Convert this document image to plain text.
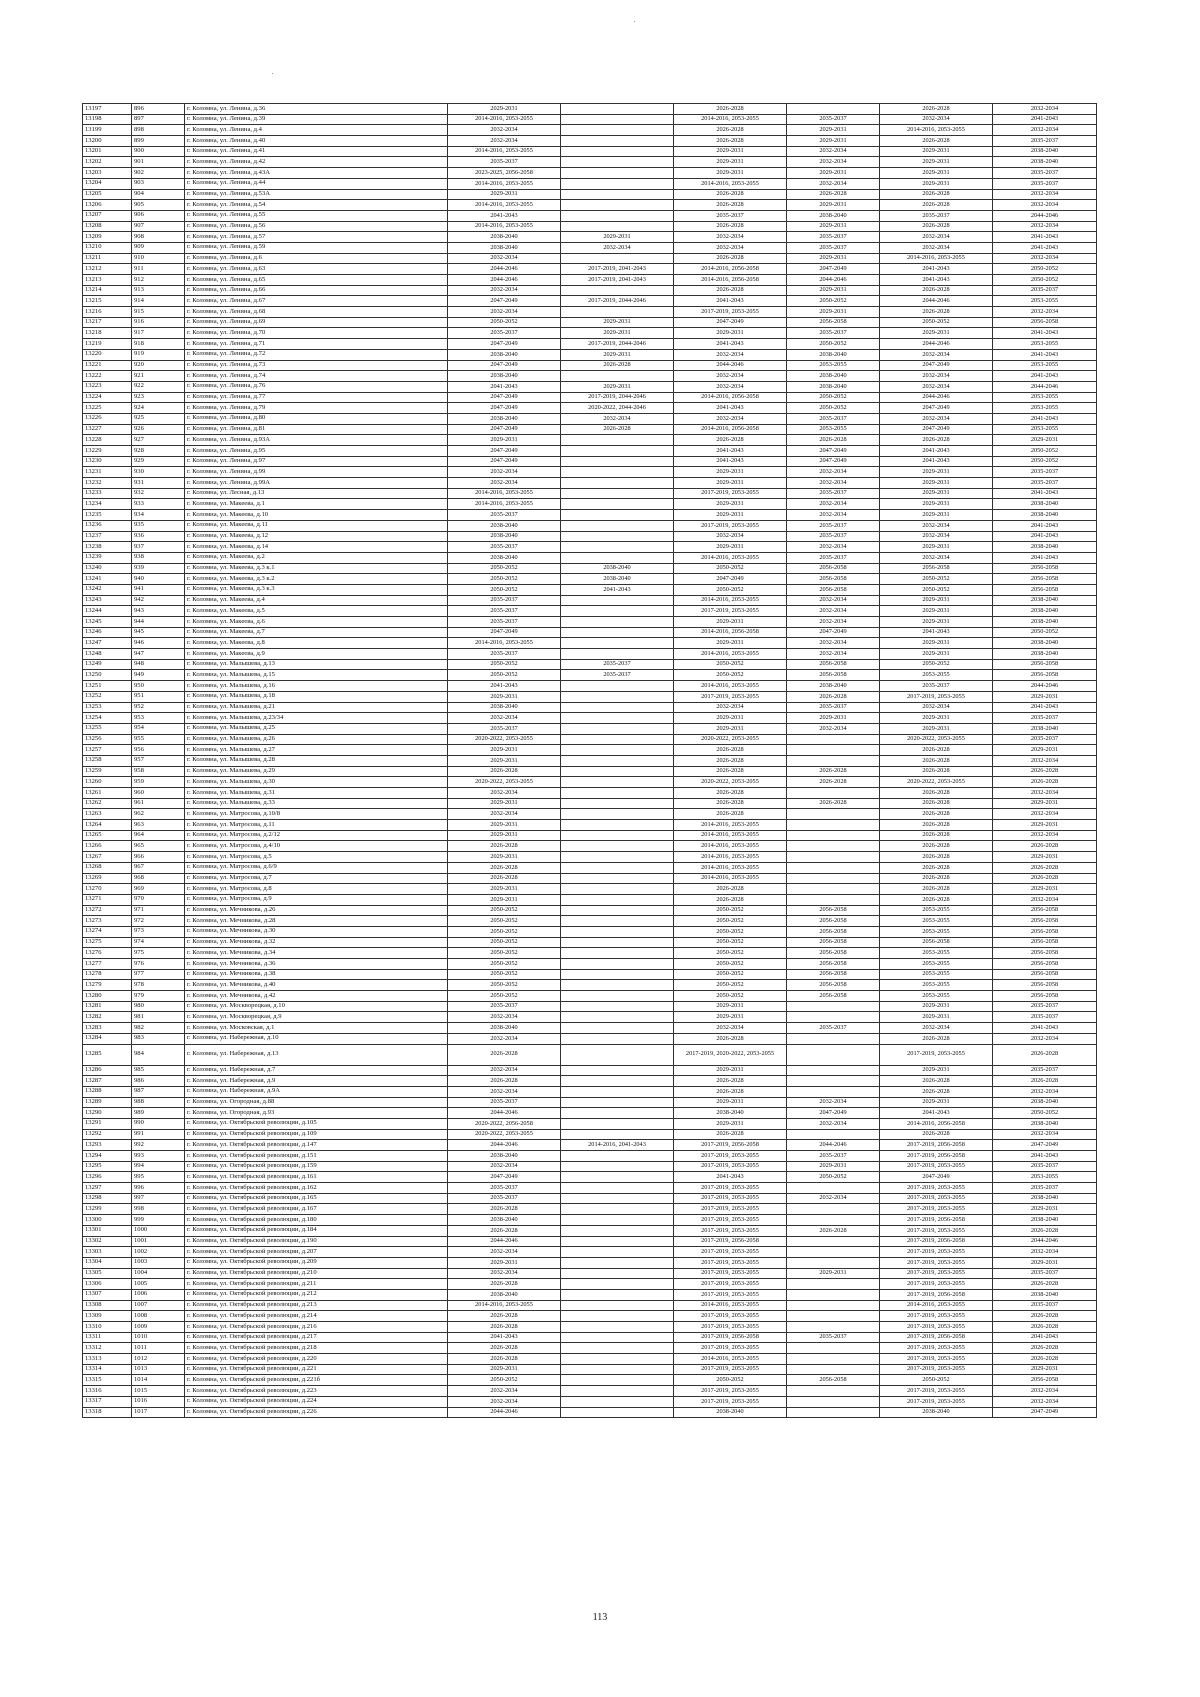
13197	896	г. Коломна, ул. Ленина, д.36	2029-2031		2026-2028		2026-2028	2032-2034
13198	897	г. Коломна, ул. Ленина, д.39	2014-2016, 2053-2055		2014-2016, 2053-2055	2035-2037	2032-2034	2041-2043
13199	898	г. Коломна, ул. Ленина, д.4	2032-2034		2026-2028	2029-2031	2014-2016, 2053-2055	2032-2034
13200	899	г. Коломна, ул. Ленина, д.40	2032-2034		2026-2028	2029-2031	2026-2028	2035-2037
13201	900	г. Коломна, ул. Ленина, д.41	2014-2016, 2053-2055		2029-2031	2032-2034	2029-2031	2038-2040
13202	901	г. Коломна, ул. Ленина, д.42	2035-2037		2029-2031	2032-2034	2029-2031	2038-2040
13203	902	г. Коломна, ул. Ленина, д.43А	2023-2025, 2056-2058		2029-2031	2029-2031	2029-2031	2035-2037
13204	903	г. Коломна, ул. Ленина, д.44	2014-2016, 2053-2055		2014-2016, 2053-2055	2032-2034	2029-2031	2035-2037
13205	904	г. Коломна, ул. Ленина, д.53А	2029-2031		2026-2028	2026-2028	2026-2028	2032-2034
13206	905	г. Коломна, ул. Ленина, д.54	2014-2016, 2053-2055		2026-2028	2029-2031	2026-2028	2032-2034
13207	906	г. Коломна, ул. Ленина, д.55	2041-2043		2035-2037	2038-2040	2035-2037	2044-2046
13208	907	г. Коломна, ул. Ленина, д.56	2014-2016, 2053-2055		2026-2028	2029-2031	2026-2028	2032-2034
13209	908	г. Коломна, ул. Ленина, д.57	2038-2040	2029-2031	2032-2034	2035-2037	2032-2034	2041-2043
13210	909	г. Коломна, ул. Ленина, д.59	2038-2040	2032-2034	2032-2034	2035-2037	2032-2034	2041-2043
13211	910	г. Коломна, ул. Ленина, д.6	2032-2034		2026-2028	2029-2031	2014-2016, 2053-2055	2032-2034
13212	911	г. Коломна, ул. Ленина, д.63	2044-2046	2017-2019, 2041-2043	2014-2016, 2056-2058	2047-2049	2041-2043	2050-2052
13213	912	г. Коломна, ул. Ленина, д.65	2044-2046	2017-2019, 2041-2043	2014-2016, 2056-2058	2044-2046	2041-2043	2050-2052
13214	913	г. Коломна, ул. Ленина, д.66	2032-2034		2026-2028	2029-2031	2026-2028	2035-2037
13215	914	г. Коломна, ул. Ленина, д.67	2047-2049	2017-2019, 2044-2046	2041-2043	2050-2052	2044-2046	2053-2055
13216	915	г. Коломна, ул. Ленина, д.68	2032-2034		2017-2019, 2053-2055	2029-2031	2026-2028	2032-2034
13217	916	г. Коломна, ул. Ленина, д.69	2050-2052	2029-2031	2047-2049	2056-2058	2050-2052	2056-2058
13218	917	г. Коломна, ул. Ленина, д.70	2035-2037	2029-2031	2029-2031	2035-2037	2029-2031	2041-2043
13219	918	г. Коломна, ул. Ленина, д.71	2047-2049	2017-2019, 2044-2046	2041-2043	2050-2052	2044-2046	2053-2055
13220	919	г. Коломна, ул. Ленина, д.72	2038-2040	2029-2031	2032-2034	2038-2040	2032-2034	2041-2043
13221	920	г. Коломна, ул. Ленина, д.73	2047-2049	2026-2028	2044-2046	2053-2055	2047-2049	2053-2055
13222	921	г. Коломна, ул. Ленина, д.74	2038-2040		2032-2034	2038-2040	2032-2034	2041-2043
13223	922	г. Коломна, ул. Ленина, д.76	2041-2043	2029-2031	2032-2034	2038-2040	2032-2034	2044-2046
13224	923	г. Коломна, ул. Ленина, д.77	2047-2049	2017-2019, 2044-2046	2014-2016, 2056-2058	2050-2052	2044-2046	2053-2055
13225	924	г. Коломна, ул. Ленина, д.79	2047-2049	2020-2022, 2044-2046	2041-2043	2050-2052	2047-2049	2053-2055
13226	925	г. Коломна, ул. Ленина, д.80	2038-2040	2032-2034	2032-2034	2035-2037	2032-2034	2041-2043
13227	926	г. Коломна, ул. Ленина, д.81	2047-2049	2026-2028	2014-2016, 2056-2058	2053-2055	2047-2049	2053-2055
13228	927	г. Коломна, ул. Ленина, д.93А	2029-2031		2026-2028	2026-2028	2026-2028	2029-2031
13229	928	г. Коломна, ул. Ленина, д.95	2047-2049		2041-2043	2047-2049	2041-2043	2050-2052
13230	929	г. Коломна, ул. Ленина, д.97	2047-2049		2041-2043	2047-2049	2041-2043	2050-2052
13231	930	г. Коломна, ул. Ленина, д.99	2032-2034		2029-2031	2032-2034	2029-2031	2035-2037
13232	931	г. Коломна, ул. Ленина, д.99А	2032-2034		2029-2031	2032-2034	2029-2031	2035-2037
13233	932	г. Коломна, ул. Лесная, д.13	2014-2016, 2053-2055		2017-2019, 2053-2055	2035-2037	2029-2031	2041-2043
13234	933	г. Коломна, ул. Макеева, д.1	2014-2016, 2053-2055		2029-2031	2032-2034	2029-2031	2038-2040
13235	934	г. Коломна, ул. Макеева, д.10	2035-2037		2029-2031	2032-2034	2029-2031	2038-2040
13236	935	г. Коломна, ул. Макеева, д.11	2038-2040		2017-2019, 2053-2055	2035-2037	2032-2034	2041-2043
13237	936	г. Коломна, ул. Макеева, д.12	2038-2040		2032-2034	2035-2037	2032-2034	2041-2043
13238	937	г. Коломна, ул. Макеева, д.14	2035-2037		2029-2031	2032-2034	2029-2031	2038-2040
13239	938	г. Коломна, ул. Макеева, д.2	2038-2040		2014-2016, 2053-2055	2035-2037	2032-2034	2041-2043
13240	939	г. Коломна, ул. Макеева, д.3 к.1	2050-2052	2038-2040	2050-2052	2056-2058	2056-2058	2056-2058
13241	940	г. Коломна, ул. Макеева, д.3 к.2	2050-2052	2038-2040	2047-2049	2056-2058	2050-2052	2056-2058
13242	941	г. Коломна, ул. Макеева, д.3 к.3	2050-2052	2041-2043	2050-2052	2056-2058	2050-2052	2056-2058
13243	942	г. Коломна, ул. Макеева, д.4	2035-2037		2014-2016, 2053-2055	2032-2034	2029-2031	2038-2040
13244	943	г. Коломна, ул. Макеева, д.5	2035-2037		2017-2019, 2053-2055	2032-2034	2029-2031	2038-2040
13245	944	г. Коломна, ул. Макеева, д.6	2035-2037		2029-2031	2032-2034	2029-2031	2038-2040
13246	945	г. Коломна, ул. Макеева, д.7	2047-2049		2014-2016, 2056-2058	2047-2049	2041-2043	2050-2052
13247	946	г. Коломна, ул. Макеева, д.8	2014-2016, 2053-2055		2029-2031	2032-2034	2029-2031	2038-2040
13248	947	г. Коломна, ул. Макеева, д.9	2035-2037		2014-2016, 2053-2055	2032-2034	2029-2031	2038-2040
13249	948	г. Коломна, ул. Малышева, д.13	2050-2052	2035-2037	2050-2052	2056-2058	2050-2052	2056-2058
13250	949	г. Коломна, ул. Малышева, д.15	2050-2052	2035-2037	2050-2052	2056-2058	2053-2055	2056-2058
13251	950	г. Коломна, ул. Малышева, д.16	2041-2043		2014-2016, 2053-2055	2038-2040	2035-2037	2044-2046
13252	951	г. Коломна, ул. Малышева, д.18	2029-2031		2017-2019, 2053-2055	2026-2028	2017-2019, 2053-2055	2029-2031
13253	952	г. Коломна, ул. Малышева, д.21	2038-2040		2032-2034	2035-2037	2032-2034	2041-2043
13254	953	г. Коломна, ул. Малышева, д.23/34	2032-2034		2029-2031	2029-2031	2029-2031	2035-2037
13255	954	г. Коломна, ул. Малышева, д.25	2035-2037		2029-2031	2032-2034	2029-2031	2038-2040
13256	955	г. Коломна, ул. Малышева, д.26	2020-2022, 2053-2055		2020-2022, 2053-2055		2020-2022, 2053-2055	2035-2037
13257	956	г. Коломна, ул. Малышева, д.27	2029-2031		2026-2028		2026-2028	2029-2031
13258	957	г. Коломна, ул. Малышева, д.28	2029-2031		2026-2028		2026-2028	2032-2034
13259	958	г. Коломна, ул. Малышева, д.29	2026-2028		2026-2028	2026-2028	2026-2028	2026-2028
13260	959	г. Коломна, ул. Малышева, д.30	2020-2022, 2053-2055		2020-2022, 2053-2055	2026-2028	2020-2022, 2053-2055	2026-2028
13261	960	г. Коломна, ул. Малышева, д.31	2032-2034		2026-2028		2026-2028	2032-2034
13262	961	г. Коломна, ул. Малышева, д.33	2029-2031		2026-2028	2026-2028	2026-2028	2029-2031
13263	962	г. Коломна, ул. Матросова, д.10/8	2032-2034		2026-2028		2026-2028	2032-2034
13264	963	г. Коломна, ул. Матросова, д.11	2029-2031		2014-2016, 2053-2055		2026-2028	2029-2031
13265	964	г. Коломна, ул. Матросова, д.2/12	2029-2031		2014-2016, 2053-2055		2026-2028	2032-2034
13266	965	г. Коломна, ул. Матросова, д.4/10	2026-2028		2014-2016, 2053-2055		2026-2028	2026-2028
13267	966	г. Коломна, ул. Матросова, д.5	2029-2031		2014-2016, 2053-2055		2026-2028	2029-2031
13268	967	г. Коломна, ул. Матросова, д.6/9	2026-2028		2014-2016, 2053-2055		2026-2028	2026-2028
13269	968	г. Коломна, ул. Матросова, д.7	2026-2028		2014-2016, 2053-2055		2026-2028	2026-2028
13270	969	г. Коломна, ул. Матросова, д.8	2029-2031		2026-2028		2026-2028	2029-2031
13271	970	г. Коломна, ул. Матросова, д.9	2029-2031		2026-2028		2026-2028	2032-2034
13272	971	г. Коломна, ул. Мечникова, д.26	2050-2052		2050-2052	2056-2058	2053-2055	2056-2058
13273	972	г. Коломна, ул. Мечникова, д.28	2050-2052		2050-2052	2056-2058	2053-2055	2056-2058
13274	973	г. Коломна, ул. Мечникова, д.30	2050-2052		2050-2052	2056-2058	2053-2055	2056-2058
13275	974	г. Коломна, ул. Мечникова, д.32	2050-2052		2050-2052	2056-2058	2056-2058	2056-2058
13276	975	г. Коломна, ул. Мечникова, д.34	2050-2052		2050-2052	2056-2058	2053-2055	2056-2058
13277	976	г. Коломна, ул. Мечникова, д.36	2050-2052		2050-2052	2056-2058	2053-2055	2056-2058
13278	977	г. Коломна, ул. Мечникова, д.38	2050-2052		2050-2052	2056-2058	2053-2055	2056-2058
13279	978	г. Коломна, ул. Мечникова, д.40	2050-2052		2050-2052	2056-2058	2053-2055	2056-2058
13280	979	г. Коломна, ул. Мечникова, д.42	2050-2052		2050-2052	2056-2058	2053-2055	2056-2058
13281	980	г. Коломна, ул. Москворецкая, д.10	2035-2037		2029-2031		2029-2031	2035-2037
13282	981	г. Коломна, ул. Москворецкая, д.9	2032-2034		2029-2031		2029-2031	2035-2037
13283	982	г. Коломна, ул. Московская, д.1	2038-2040		2032-2034	2035-2037	2032-2034	2041-2043
13284	983	г. Коломна, ул. Набережная, д.10	2032-2034		2026-2028		2026-2028	2032-2034
13285	984	г. Коломна, ул. Набережная, д.13	2026-2028		2017-2019, 2020-2022, 2053-2055		2017-2019, 2053-2055	2026-2028
13286	985	г. Коломна, ул. Набережная, д.7	2032-2034		2029-2031		2029-2031	2035-2037
13287	986	г. Коломна, ул. Набережная, д.9	2026-2028		2026-2028		2026-2028	2026-2028
13288	987	г. Коломна, ул. Набережная, д.9А	2032-2034		2026-2028		2026-2028	2032-2034
13289	988	г. Коломна, ул. Огородная, д.88	2035-2037		2029-2031	2032-2034	2029-2031	2038-2040
13290	989	г. Коломна, ул. Огородная, д.93	2044-2046		2038-2040	2047-2049	2041-2043	2050-2052
13291	990	г. Коломна, ул. Октябрьской революции, д.105	2020-2022, 2056-2058		2029-2031	2032-2034	2014-2016, 2056-2058	2038-2040
13292	991	г. Коломна, ул. Октябрьской революции, д.109	2020-2022, 2053-2055		2026-2028		2026-2028	2032-2034
13293	992	г. Коломна, ул. Октябрьской революции, д.147	2044-2046	2014-2016, 2041-2043	2017-2019, 2056-2058	2044-2046	2017-2019, 2056-2058	2047-2049
13294	993	г. Коломна, ул. Октябрьской революции, д.151	2038-2040		2017-2019, 2053-2055	2035-2037	2017-2019, 2056-2058	2041-2043
13295	994	г. Коломна, ул. Октябрьской революции, д.159	2032-2034		2017-2019, 2053-2055	2029-2031	2017-2019, 2053-2055	2035-2037
13296	995	г. Коломна, ул. Октябрьской революции, д.161	2047-2049		2041-2043	2050-2052	2047-2049	2053-2055
13297	996	г. Коломна, ул. Октябрьской революции, д.162	2035-2037		2017-2019, 2053-2055		2017-2019, 2053-2055	2035-2037
13298	997	г. Коломна, ул. Октябрьской революции, д.165	2035-2037		2017-2019, 2053-2055	2032-2034	2017-2019, 2053-2055	2038-2040
13299	998	г. Коломна, ул. Октябрьской революции, д.167	2026-2028		2017-2019, 2053-2055		2017-2019, 2053-2055	2029-2031
13300	999	г. Коломна, ул. Октябрьской революции, д.180	2038-2040		2017-2019, 2053-2055		2017-2019, 2056-2058	2038-2040
13301	1000	г. Коломна, ул. Октябрьской революции, д.184	2026-2028		2017-2019, 2053-2055	2026-2028	2017-2019, 2053-2055	2026-2028
13302	1001	г. Коломна, ул. Октябрьской революции, д.190	2044-2046		2017-2019, 2056-2058		2017-2019, 2056-2058	2044-2046
13303	1002	г. Коломна, ул. Октябрьской революции, д.207	2032-2034		2017-2019, 2053-2055		2017-2019, 2053-2055	2032-2034
13304	1003	г. Коломна, ул. Октябрьской революции, д.209	2029-2031		2017-2019, 2053-2055		2017-2019, 2053-2055	2029-2031
13305	1004	г. Коломна, ул. Октябрьской революции, д.210	2032-2034		2017-2019, 2053-2055	2029-2031	2017-2019, 2053-2055	2035-2037
13306	1005	г. Коломна, ул. Октябрьской революции, д.211	2026-2028		2017-2019, 2053-2055		2017-2019, 2053-2055	2026-2028
13307	1006	г. Коломна, ул. Октябрьской революции, д.212	2038-2040		2017-2019, 2053-2055		2017-2019, 2056-2058	2038-2040
13308	1007	г. Коломна, ул. Октябрьской революции, д.213	2014-2016, 2053-2055		2014-2016, 2053-2055		2014-2016, 2053-2055	2035-2037
13309	1008	г. Коломна, ул. Октябрьской революции, д.214	2026-2028		2017-2019, 2053-2055		2017-2019, 2053-2055	2026-2028
13310	1009	г. Коломна, ул. Октябрьской революции, д.216	2026-2028		2017-2019, 2053-2055		2017-2019, 2053-2055	2026-2028
13311	1010	г. Коломна, ул. Октябрьской революции, д.217	2041-2043		2017-2019, 2056-2058	2035-2037	2017-2019, 2056-2058	2041-2043
13312	1011	г. Коломна, ул. Октябрьской революции, д.218	2026-2028		2017-2019, 2053-2055		2017-2019, 2053-2055	2026-2028
13313	1012	г. Коломна, ул. Октябрьской революции, д.220	2026-2028		2014-2016, 2053-2055		2017-2019, 2053-2055	2026-2028
13314	1013	г. Коломна, ул. Октябрьской революции, д.221	2029-2031		2017-2019, 2053-2055		2017-2019, 2053-2055	2029-2031
13315	1014	г. Коломна, ул. Октябрьской революции, д.221б	2050-2052		2050-2052	2056-2058	2050-2052	2056-2058
13316	1015	г. Коломна, ул. Октябрьской революции, д.223	2032-2034		2017-2019, 2053-2055		2017-2019, 2053-2055	2032-2034
13317	1016	г. Коломна, ул. Октябрьской революции, д.224	2032-2034		2017-2019, 2053-2055		2017-2019, 2053-2055	2032-2034
13318	1017	г. Коломна, ул. Октябрьской революции, д.226	2044-2046		2038-2040		2038-2040	2047-2049
113
